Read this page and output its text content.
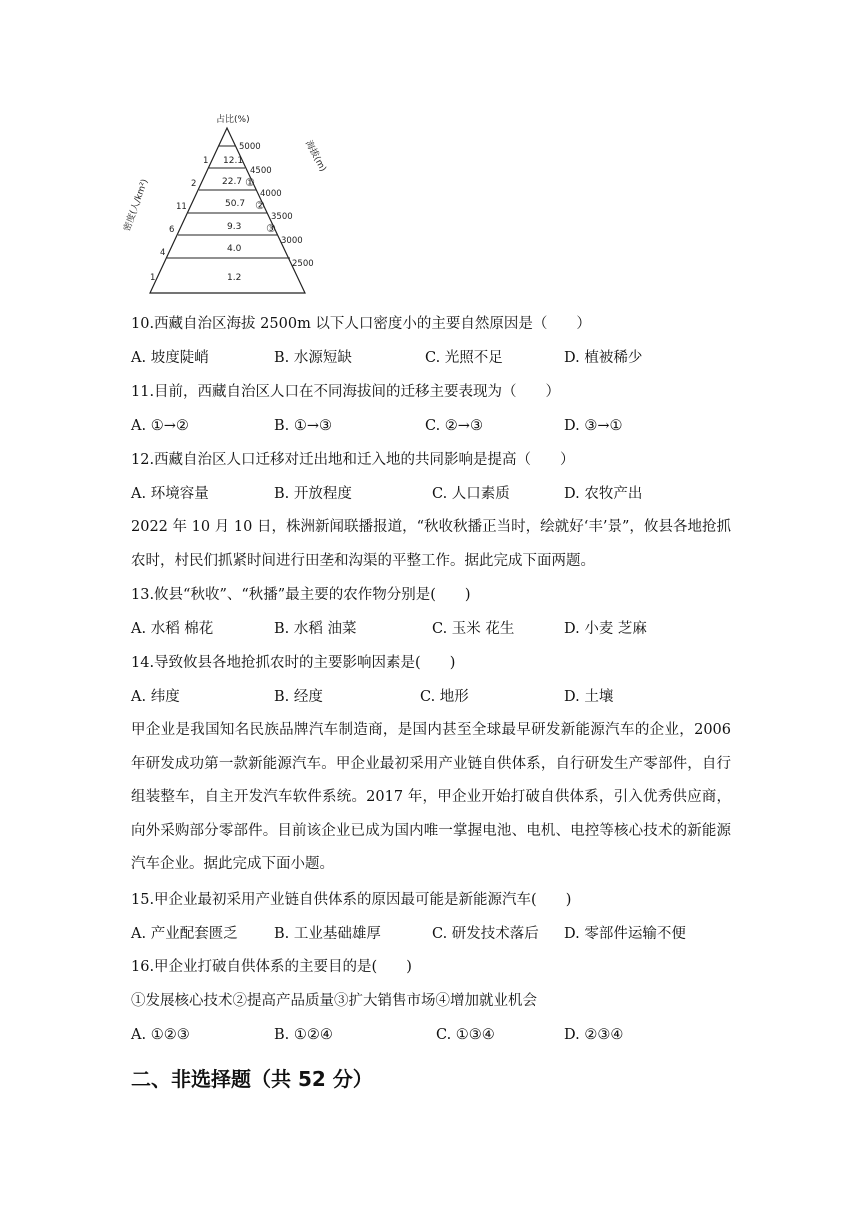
占比(%)
密度(人/km²)
海拔(m)
12.1
22.7
50.7
9.3
4.0
1.2
①
②
③
1
2
11
6
4
1
5000
4500
4000
3500
3000
2500
10.西藏自治区海拔 2500m 以下人口密度小的主要自然原因是（　　）
A. 坡度陡峭	B. 水源短缺	C. 光照不足	D. 植被稀少
11.目前，西藏自治区人口在不同海拔间的迁移主要表现为（　　）
A. ①→②	B. ①→③	C. ②→③	D. ③→①
12.西藏自治区人口迁移对迁出地和迁入地的共同影响是提高（　　）
A. 环境容量	B. 开放程度	C. 人口素质	D. 农牧产出
2022 年 10 月 10 日，株洲新闻联播报道，“秋收秋播正当时，绘就好‘丰’景”，攸县各地抢抓农时，村民们抓紧时间进行田垄和沟渠的平整工作。据此完成下面两题。
13.攸县“秋收”、“秋播”最主要的农作物分别是(　　)
A. 水稻 棉花	B. 水稻 油菜	C. 玉米 花生	D. 小麦 芝麻
14.导致攸县各地抢抓农时的主要影响因素是(　　)
A. 纬度	B. 经度	C. 地形	D. 土壤
甲企业是我国知名民族品牌汽车制造商，是国内甚至全球最早研发新能源汽车的企业，2006 年研发成功第一款新能源汽车。甲企业最初采用产业链自供体系，自行研发生产零部件，自行组装整车，自主开发汽车软件系统。2017 年，甲企业开始打破自供体系，引入优秀供应商，向外采购部分零部件。目前该企业已成为国内唯一掌握电池、电机、电控等核心技术的新能源汽车企业。据此完成下面小题。
15.甲企业最初采用产业链自供体系的原因最可能是新能源汽车(　　)
A. 产业配套匮乏	B. 工业基础雄厚	C. 研发技术落后 D. 零部件运输不便
16.甲企业打破自供体系的主要目的是(　　)
①发展核心技术②提高产品质量③扩大销售市场④增加就业机会
A. ①②③	B. ①②④	C. ①③④	D. ②③④
二、非选择题（共 52 分）
